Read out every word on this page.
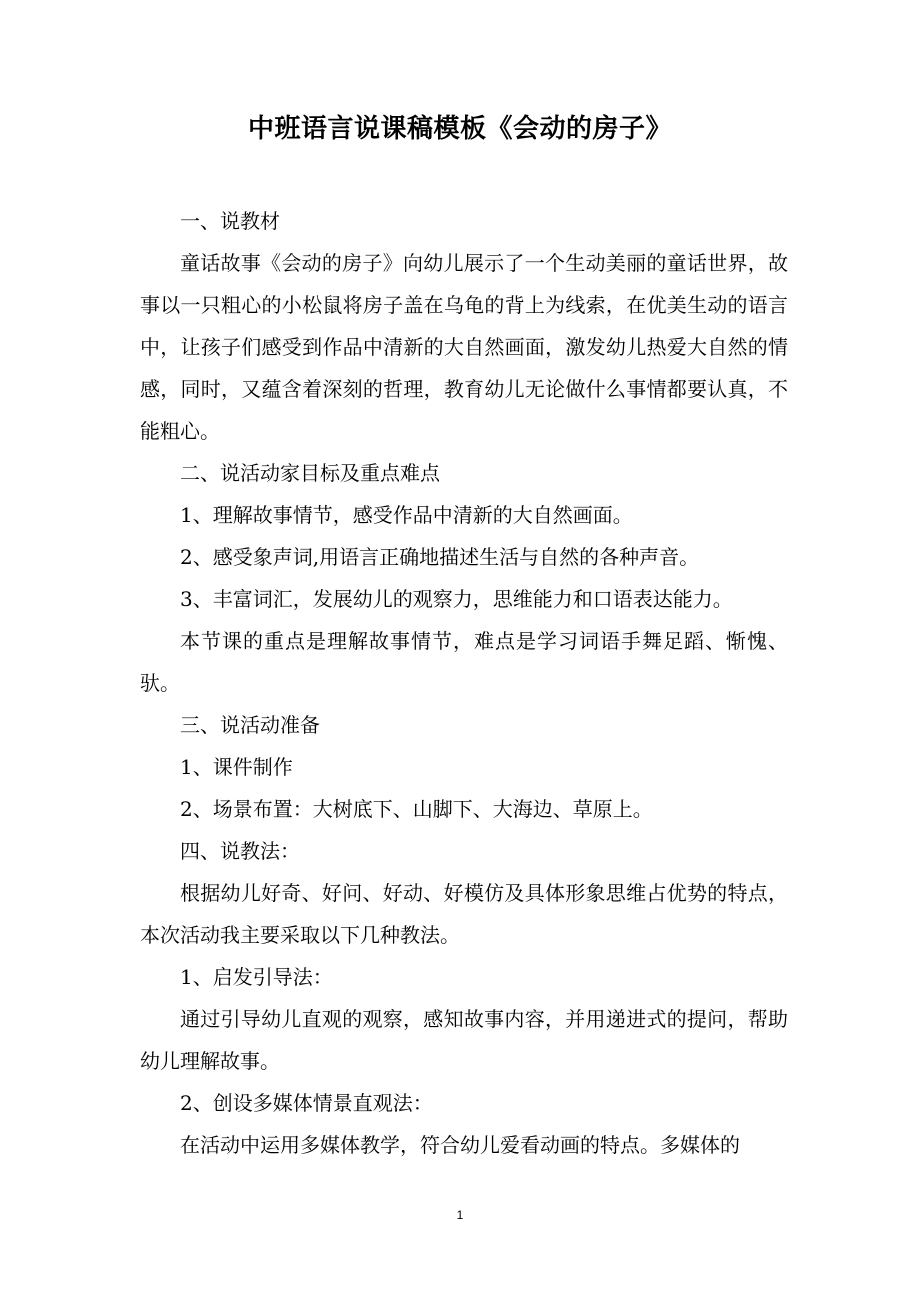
中班语言说课稿模板《会动的房子》

一、说教材

童话故事《会动的房子》向幼儿展示了一个生动美丽的童话世界，故事以一只粗心的小松鼠将房子盖在乌龟的背上为线索，在优美生动的语言中，让孩子们感受到作品中清新的大自然画面，激发幼儿热爱大自然的情感，同时，又蕴含着深刻的哲理，教育幼儿无论做什么事情都要认真，不能粗心。

二、说活动家目标及重点难点

1、理解故事情节，感受作品中清新的大自然画面。

2、感受象声词,用语言正确地描述生活与自然的各种声音。

3、丰富词汇，发展幼儿的观察力，思维能力和口语表达能力。

本节课的重点是理解故事情节，难点是学习词语手舞足蹈、惭愧、驮。

三、说活动准备

1、课件制作

2、场景布置：大树底下、山脚下、大海边、草原上。

四、说教法：

根据幼儿好奇、好问、好动、好模仿及具体形象思维占优势的特点，本次活动我主要采取以下几种教法。

1、启发引导法：

通过引导幼儿直观的观察，感知故事内容，并用递进式的提问，帮助幼儿理解故事。

2、创设多媒体情景直观法：

在活动中运用多媒体教学，符合幼儿爱看动画的特点。多媒体的

1
